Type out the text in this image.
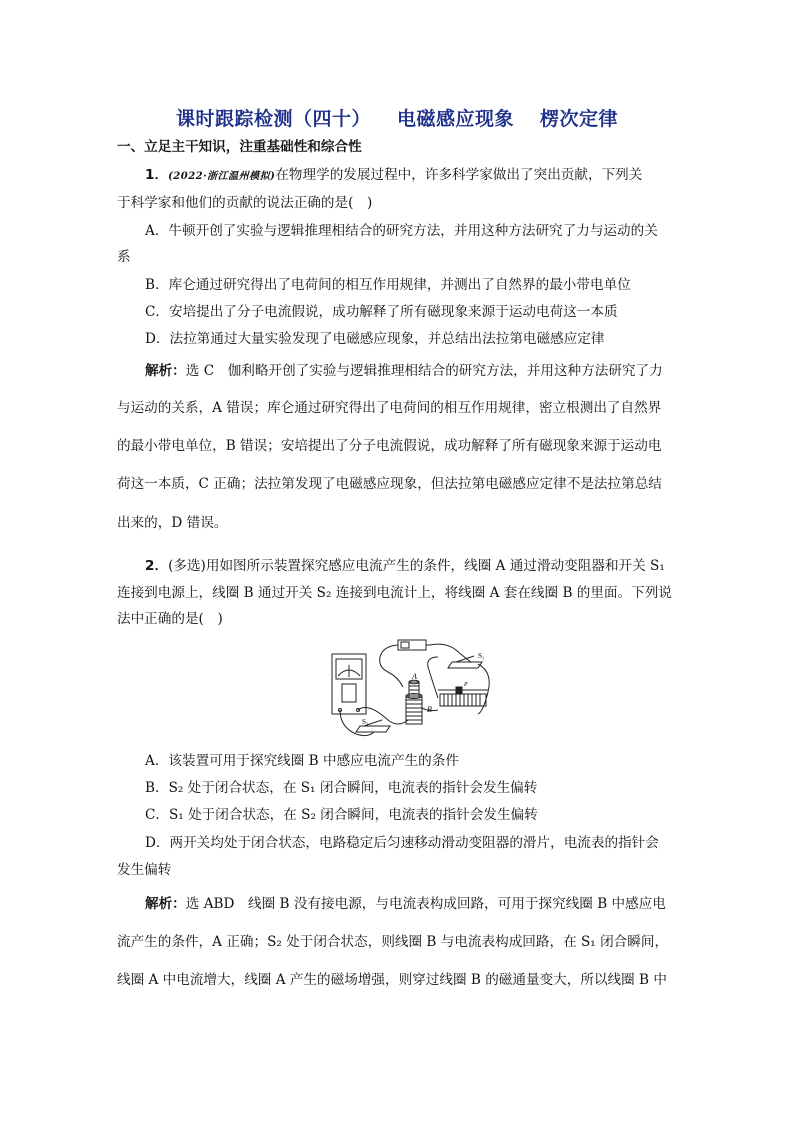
课时跟踪检测（四十） 电磁感应现象 楞次定律
一、立足主干知识，注重基础性和综合性
1．(2022·浙江温州模拟)在物理学的发展过程中，许多科学家做出了突出贡献，下列关
于科学家和他们的贡献的说法正确的是(　)
A．牛顿开创了实验与逻辑推理相结合的研究方法，并用这种方法研究了力与运动的关
系
B．库仑通过研究得出了电荷间的相互作用规律，并测出了自然界的最小带电单位
C．安培提出了分子电流假说，成功解释了所有磁现象来源于运动电荷这一本质
D．法拉第通过大量实验发现了电磁感应现象，并总结出法拉第电磁感应定律
解析：选 C　伽利略开创了实验与逻辑推理相结合的研究方法，并用这种方法研究了力
与运动的关系，A 错误；库仑通过研究得出了电荷间的相互作用规律，密立根测出了自然界
的最小带电单位，B 错误；安培提出了分子电流假说，成功解释了所有磁现象来源于运动电
荷这一本质，C 正确；法拉第发现了电磁感应现象，但法拉第电磁感应定律不是法拉第总结
出来的，D 错误。
2．(多选)用如图所示装置探究感应电流产生的条件，线圈 A 通过滑动变阻器和开关 S₁
连接到电源上，线圈 B 通过开关 S₂ 连接到电流计上，将线圈 A 套在线圈 B 的里面。下列说
法中正确的是(　)
A
B
S₁
S₂
P
A．该装置可用于探究线圈 B 中感应电流产生的条件
B．S₂ 处于闭合状态，在 S₁ 闭合瞬间，电流表的指针会发生偏转
C．S₁ 处于闭合状态，在 S₂ 闭合瞬间，电流表的指针会发生偏转
D．两开关均处于闭合状态，电路稳定后匀速移动滑动变阻器的滑片，电流表的指针会
发生偏转
解析：选 ABD　线圈 B 没有接电源，与电流表构成回路，可用于探究线圈 B 中感应电
流产生的条件，A 正确；S₂ 处于闭合状态，则线圈 B 与电流表构成回路，在 S₁ 闭合瞬间，
线圈 A 中电流增大，线圈 A 产生的磁场增强，则穿过线圈 B 的磁通量变大，所以线圈 B 中
